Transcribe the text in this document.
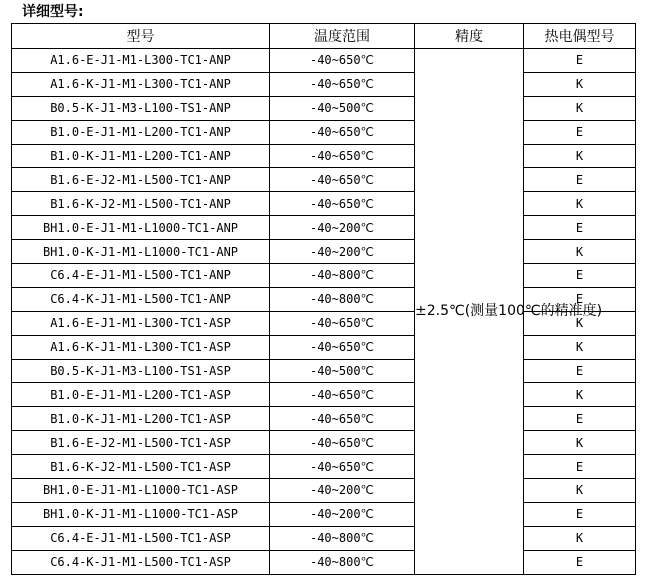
详细型号:
型号	温度范围	精度	热电偶型号
A1.6-E-J1-M1-L300-TC1-ANP	-40~650℃	±2.5℃(测量100℃的精准度)	E
A1.6-K-J1-M1-L300-TC1-ANP	-40~650℃		K
B0.5-K-J1-M3-L100-TS1-ANP	-40~500℃		K
B1.0-E-J1-M1-L200-TC1-ANP	-40~650℃		E
B1.0-K-J1-M1-L200-TC1-ANP	-40~650℃		K
B1.6-E-J2-M1-L500-TC1-ANP	-40~650℃		E
B1.6-K-J2-M1-L500-TC1-ANP	-40~650℃		K
BH1.0-E-J1-M1-L1000-TC1-ANP	-40~200℃		E
BH1.0-K-J1-M1-L1000-TC1-ANP	-40~200℃		K
C6.4-E-J1-M1-L500-TC1-ANP	-40~800℃		E
C6.4-K-J1-M1-L500-TC1-ANP	-40~800℃		E
A1.6-E-J1-M1-L300-TC1-ASP	-40~650℃		K
A1.6-K-J1-M1-L300-TC1-ASP	-40~650℃		K
B0.5-K-J1-M3-L100-TS1-ASP	-40~500℃		E
B1.0-E-J1-M1-L200-TC1-ASP	-40~650℃		K
B1.0-K-J1-M1-L200-TC1-ASP	-40~650℃		E
B1.6-E-J2-M1-L500-TC1-ASP	-40~650℃		K
B1.6-K-J2-M1-L500-TC1-ASP	-40~650℃		E
BH1.0-E-J1-M1-L1000-TC1-ASP	-40~200℃		K
BH1.0-K-J1-M1-L1000-TC1-ASP	-40~200℃		E
C6.4-E-J1-M1-L500-TC1-ASP	-40~800℃		K
C6.4-K-J1-M1-L500-TC1-ASP	-40~800℃		E
